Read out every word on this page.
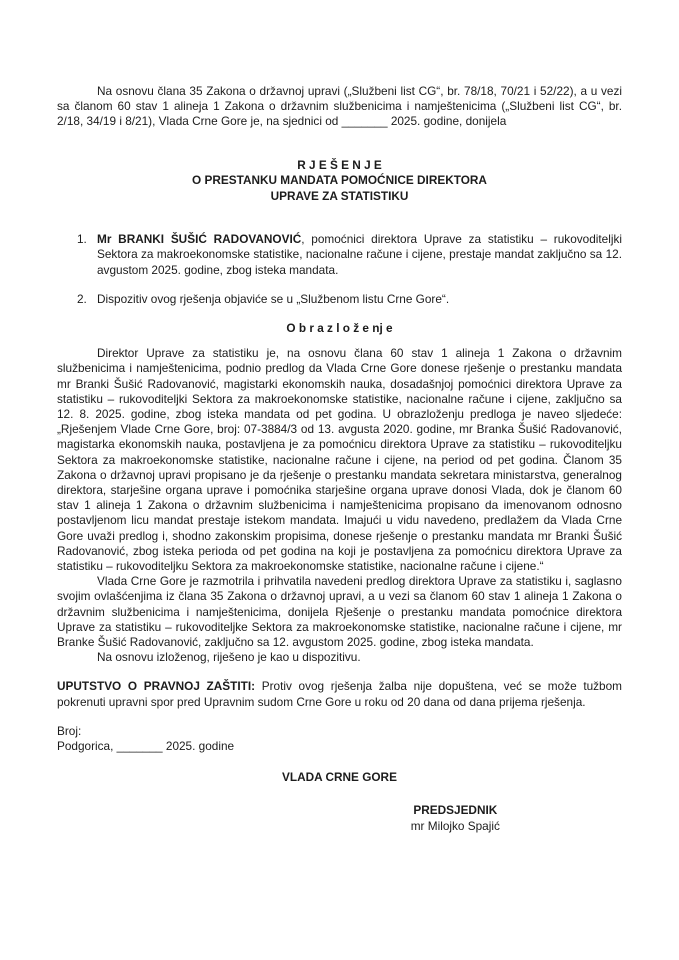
Na osnovu člana 35 Zakona o državnoj upravi („Službeni list CG“, br. 78/18, 70/21 i 52/22), a u vezi sa članom 60 stav 1 alineja 1 Zakona o državnim službenicima i namještenicima („Službeni list CG“, br. 2/18, 34/19 i 8/21), Vlada Crne Gore je, na sjednici od _______ 2025. godine, donijela

R J E Š E N J E
O PRESTANKU MANDATA POMOĆNICE DIREKTORA
UPRAVE ZA STATISTIKU
1. Mr BRANKI ŠUŠIĆ RADOVANOVIĆ, pomoćnici direktora Uprave za statistiku – rukovoditeljki Sektora za makroekonomske statistike, nacionalne račune i cijene, prestaje mandat zaključno sa 12. avgustom 2025. godine, zbog isteka mandata.
2. Dispozitiv ovog rješenja objaviće se u „Službenom listu Crne Gore“.
O b r a z l o ž e nj e

Direktor Uprave za statistiku je, na osnovu člana 60 stav 1 alineja 1 Zakona o državnim službenicima i namještenicima, podnio predlog da Vlada Crne Gore donese rješenje o prestanku mandata mr Branki Šušić Radovanović, magistarki ekonomskih nauka, dosadašnjoj pomoćnici direktora Uprave za statistiku – rukovoditeljki Sektora za makroekonomske statistike, nacionalne račune i cijene, zaključno sa 12. 8. 2025. godine, zbog isteka mandata od pet godina. U obrazloženju predloga je naveo sljedeće: „Rješenjem Vlade Crne Gore, broj: 07-3884/3 od 13. avgusta 2020. godine, mr Branka Šušić Radovanović, magistarka ekonomskih nauka, postavljena je za pomoćnicu direktora Uprave za statistiku – rukovoditeljku Sektora za makroekonomske statistike, nacionalne račune i cijene, na period od pet godina. Članom 35 Zakona o državnoj upravi propisano je da rješenje o prestanku mandata sekretara ministarstva, generalnog direktora, starješine organa uprave i pomoćnika starješine organa uprave donosi Vlada, dok je članom 60 stav 1 alineja 1 Zakona o državnim službenicima i namještenicima propisano da imenovanom odnosno postavljenom licu mandat prestaje istekom mandata. Imajući u vidu navedeno, predlažem da Vlada Crne Gore uvaži predlog i, shodno zakonskim propisima, donese rješenje o prestanku mandata mr Branki Šušić Radovanović, zbog isteka perioda od pet godina na koji je postavljena za pomoćnicu direktora Uprave za statistiku – rukovoditeljku Sektora za makroekonomske statistike, nacionalne račune i cijene.“

Vlada Crne Gore je razmotrila i prihvatila navedeni predlog direktora Uprave za statistiku i, saglasno svojim ovlašćenjima iz člana 35 Zakona o državnoj upravi, a u vezi sa članom 60 stav 1 alineja 1 Zakona o državnim službenicima i namještenicima, donijela Rješenje o prestanku mandata pomoćnice direktora Uprave za statistiku – rukovoditeljke Sektora za makroekonomske statistike, nacionalne račune i cijene, mr Branke Šušić Radovanović, zaključno sa 12. avgustom 2025. godine, zbog isteka mandata.

Na osnovu izloženog, riješeno je kao u dispozitivu.

UPUTSTVO O PRAVNOJ ZAŠTITI: Protiv ovog rješenja žalba nije dopuštena, već se može tužbom pokrenuti upravni spor pred Upravnim sudom Crne Gore u roku od 20 dana od dana prijema rješenja.

Broj:
Podgorica, _______ 2025. godine
VLADA CRNE GORE
PREDSJEDNIK
mr Milojko Spajić
